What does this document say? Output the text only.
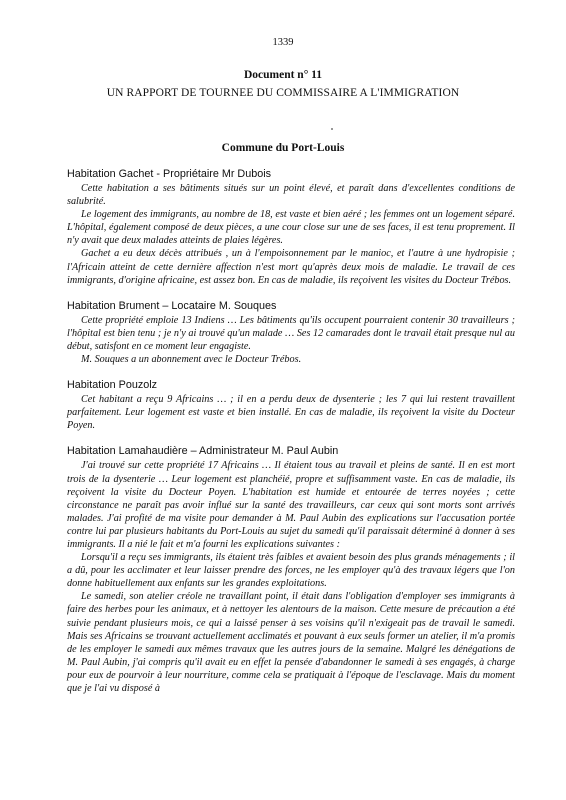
1339
Document n° 11
UN RAPPORT DE TOURNEE DU COMMISSAIRE A L'IMMIGRATION
Commune du Port-Louis
Habitation Gachet - Propriétaire Mr Dubois

Cette habitation a ses bâtiments situés sur un point élevé, et paraît dans d'excellentes conditions de salubrité.

Le logement des immigrants, au nombre de 18, est vaste et bien aéré ; les femmes ont un logement séparé. L'hôpital, également composé de deux pièces, a une cour close sur une de ses faces, il est tenu proprement. Il n'y avait que deux malades atteints de plaies légères.

Gachet a eu deux décès attribués , un à l'empoisonnement par le manioc, et l'autre à une hydropisie ; l'Africain atteint de cette dernière affection n'est mort qu'après deux mois de maladie. Le travail de ces immigrants, d'origine africaine, est assez bon. En cas de maladie, ils reçoivent les visites du Docteur Trébos.

Habitation Brument – Locataire M. Souques

Cette propriété emploie 13 Indiens … Les bâtiments qu'ils occupent pourraient contenir 30 travailleurs ; l'hôpital est bien tenu ; je n'y ai trouvé qu'un malade … Ses 12 camarades dont le travail était presque nul au début, satisfont en ce moment leur engagiste.

M. Souques a un abonnement avec le Docteur Trébos.

Habitation Pouzolz

Cet habitant a reçu 9 Africains … ; il en a perdu deux de dysenterie ; les 7 qui lui restent travaillent parfaitement. Leur logement est vaste et bien installé. En cas de maladie, ils reçoivent la visite du Docteur Poyen.

Habitation Lamahaudière – Administrateur M. Paul Aubin

J'ai trouvé sur cette propriété 17 Africains … Il étaient tous au travail et pleins de santé. Il en est mort trois de la dysenterie … Leur logement est planchéié, propre et suffisamment vaste. En cas de maladie, ils reçoivent la visite du Docteur Poyen. L'habitation est humide et entourée de terres noyées ; cette circonstance ne paraît pas avoir influé sur la santé des travailleurs, car ceux qui sont morts sont arrivés malades. J'ai profité de ma visite pour demander à M. Paul Aubin des explications sur l'accusation portée contre lui par plusieurs habitants du Port-Louis au sujet du samedi qu'il paraissait déterminé à donner à ses immigrants. Il a nié le fait et m'a fourni les explications suivantes :

Lorsqu'il a reçu ses immigrants, ils étaient très faibles et avaient besoin des plus grands ménagements ; il a dû, pour les acclimater et leur laisser prendre des forces, ne les employer qu'à des travaux légers que l'on donne habituellement aux enfants sur les grandes exploitations.

Le samedi, son atelier créole ne travaillant point, il était dans l'obligation d'employer ses immigrants à faire des herbes pour les animaux, et à nettoyer les alentours de la maison. Cette mesure de précaution a été suivie pendant plusieurs mois, ce qui a laissé penser à ses voisins qu'il n'exigeait pas de travail le samedi. Mais ses Africains se trouvant actuellement acclimatés et pouvant à eux seuls former un atelier, il m'a promis de les employer le samedi aux mêmes travaux que les autres jours de la semaine. Malgré les dénégations de M. Paul Aubin, j'ai compris qu'il avait eu en effet la pensée d'abandonner le samedi à ses engagés, à charge pour eux de pourvoir à leur nourriture, comme cela se pratiquait à l'époque de l'esclavage. Mais du moment que je l'ai vu disposé à
